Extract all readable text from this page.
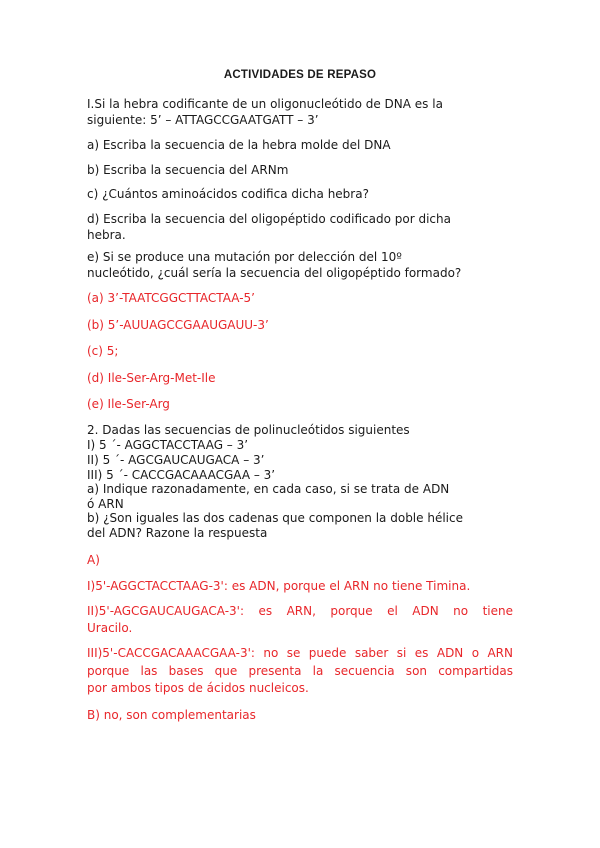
ACTIVIDADES DE REPASO
I.Si la hebra codificante de un oligonucleótido de DNA es la
siguiente: 5’ – ATTAGCCGAATGATT – 3’
a) Escriba la secuencia de la hebra molde del DNA
b) Escriba la secuencia del ARNm
c) ¿Cuántos aminoácidos codifica dicha hebra?
d) Escriba la secuencia del oligopéptido codificado por dicha
hebra.
e) Si se produce una mutación por delección del 10º
nucleótido, ¿cuál sería la secuencia del oligopéptido formado?
(a) 3’-TAATCGGCTTACTAA-5’
(b) 5’-AUUAGCCGAAUGAUU-3’
(c) 5;
(d) Ile-Ser-Arg-Met-Ile
(e) Ile-Ser-Arg
2. Dadas las secuencias de polinucleótidos siguientes
I) 5 ´- AGGCTACCTAAG – 3’
II) 5 ´- AGCGAUCAUGACA – 3’
III) 5 ´- CACCGACAAACGAA – 3’
a) Indique razonadamente, en cada caso, si se trata de ADN
ó ARN
b) ¿Son iguales las dos cadenas que componen la doble hélice
del ADN? Razone la respuesta
A)
I)5'-AGGCTACCTAAG-3': es ADN, porque el ARN no tiene Timina.
II)5'-AGCGAUCAUGACA-3': es ARN, porque el ADN no tiene
Uracilo.
III)5'-CACCGACAAACGAA-3': no se puede saber si es ADN o ARN
porque las bases que presenta la secuencia son compartidas
por ambos tipos de ácidos nucleicos.
B) no, son complementarias
